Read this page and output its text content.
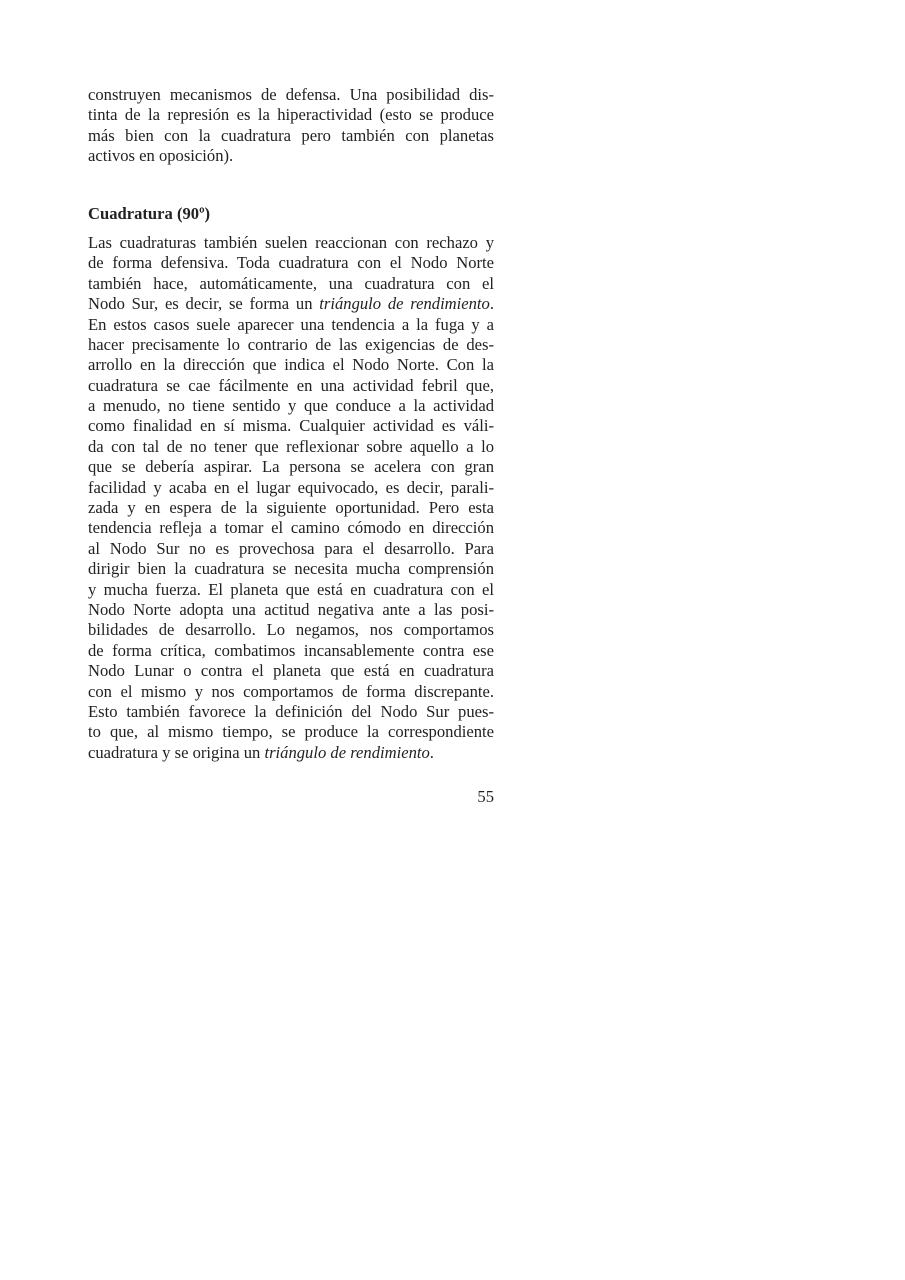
construyen mecanismos de defensa. Una posibilidad dis-
tinta de la represión es la hiperactividad (esto se produce
más bien con la cuadratura pero también con planetas
activos en oposición).
Cuadratura (90º)
Las cuadraturas también suelen reaccionan con rechazo y
de forma defensiva. Toda cuadratura con el Nodo Norte
también hace, automáticamente, una cuadratura con el
Nodo Sur, es decir, se forma un triángulo de rendimiento.
En estos casos suele aparecer una tendencia a la fuga y a
hacer precisamente lo contrario de las exigencias de des-
arrollo en la dirección que indica el Nodo Norte. Con la
cuadratura se cae fácilmente en una actividad febril que,
a menudo, no tiene sentido y que conduce a la actividad
como finalidad en sí misma. Cualquier actividad es váli-
da con tal de no tener que reflexionar sobre aquello a lo
que se debería aspirar. La persona se acelera con gran
facilidad y acaba en el lugar equivocado, es decir, parali-
zada y en espera de la siguiente oportunidad. Pero esta
tendencia refleja a tomar el camino cómodo en dirección
al Nodo Sur no es provechosa para el desarrollo. Para
dirigir bien la cuadratura se necesita mucha comprensión
y mucha fuerza. El planeta que está en cuadratura con el
Nodo Norte adopta una actitud negativa ante a las posi-
bilidades de desarrollo. Lo negamos, nos comportamos
de forma crítica, combatimos incansablemente contra ese
Nodo Lunar o contra el planeta que está en cuadratura
con el mismo y nos comportamos de forma discrepante.
Esto también favorece la definición del Nodo Sur pues-
to que, al mismo tiempo, se produce la correspondiente
cuadratura y se origina un triángulo de rendimiento.
55
